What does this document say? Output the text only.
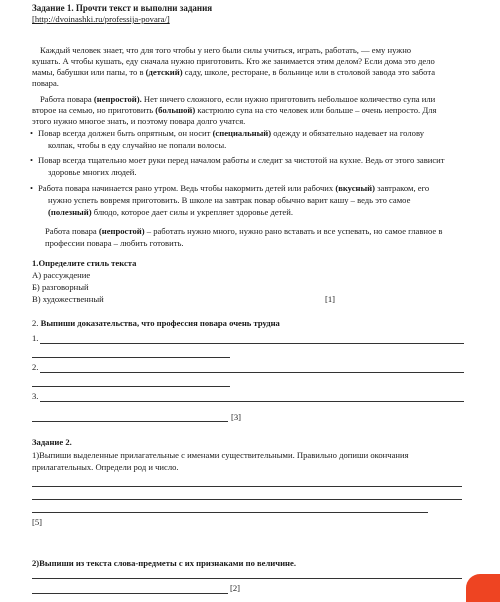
Задание 1. Прочти текст и выполни задания
[http://dvoinashki.ru/professija-povara/]
Каждый человек знает, что для того чтобы у него были силы учиться, играть, работать, — ему нужно
кушать. А чтобы кушать, еду сначала нужно приготовить. Кто же занимается этим делом? Если дома это дело
мамы, бабушки или папы, то в (детский) саду, школе, ресторане, в больнице или в столовой завода это забота
повара.
Работа повара (непростой). Нет ничего сложного, если нужно приготовить небольшое количество супа или
второе на семью, но приготовить (большой) кастрюлю супа на сто человек или больше – очень непросто. Для
этого нужно многое знать, и поэтому повара долго учатся.
• Повар всегда должен быть опрятным, он носит (специальный) одежду и обязательно надевает на голову
колпак, чтобы в еду случайно не попали волосы.
• Повар всегда тщательно моет руки перед началом работы и следит за чистотой на кухне. Ведь от этого зависит
здоровье многих людей.
• Работа повара начинается рано утром. Ведь чтобы накормить детей или рабочих (вкусный) завтраком, его
нужно успеть вовремя приготовить. В школе на завтрак повар обычно варит кашу – ведь это самое
(полезный) блюдо, которое дает силы и укрепляет здоровье детей.
Работа повара (непростой) – работать нужно много, нужно рано вставать и все успевать, но самое главное в
профессии повара – любить готовить.
1.Определите стиль текста
А) рассуждение
Б) разговорный
В) художественный	[1]
2. Выпиши доказательства, что профессия повара очень трудна
1.
2.
3.
[3]
Задание 2.
1)Выпиши выделенные прилагательные с именами существительными. Правильно допиши окончания
прилагательных. Определи род и число.
[5]
2)Выпиши из текста слова-предметы с их признаками по величине.
[2]
